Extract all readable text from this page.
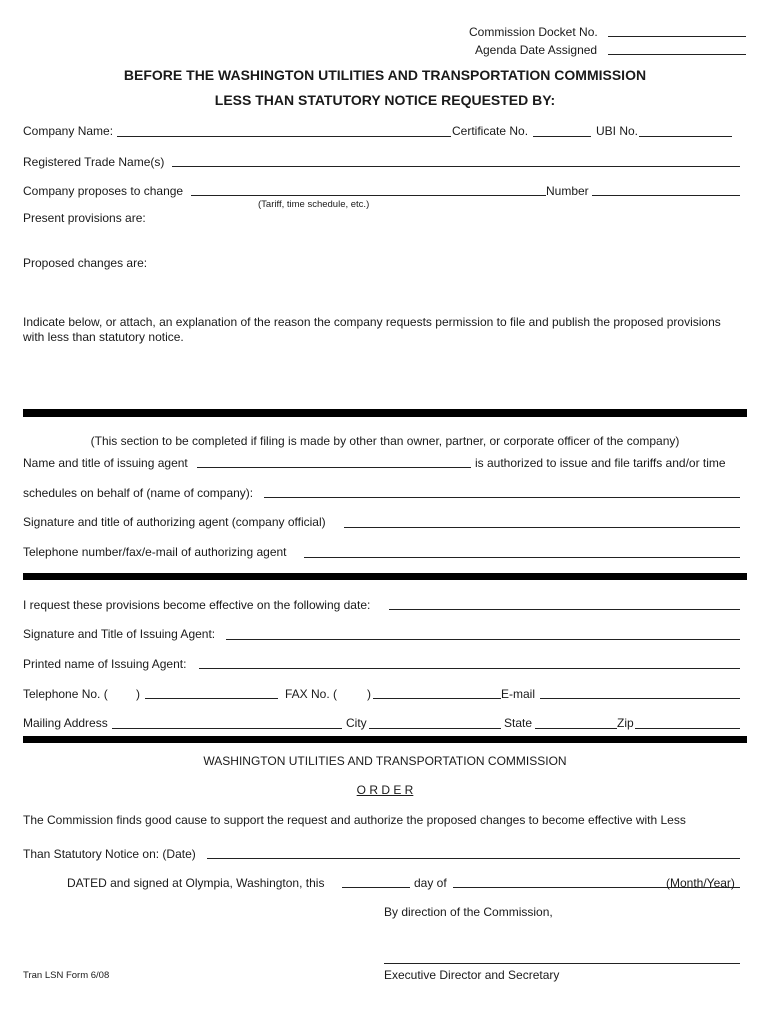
Commission Docket No.
Agenda Date Assigned
BEFORE THE WASHINGTON UTILITIES AND TRANSPORTATION COMMISSION
LESS THAN STATUTORY NOTICE REQUESTED BY:
Company Name:	Certificate No.	UBI No.
Registered Trade Name(s)
Company proposes to change	Number
(Tariff, time schedule, etc.)
Present provisions are:
Proposed changes are:
Indicate below, or attach, an explanation of the reason the company requests permission to file and publish the proposed provisions with less than statutory notice.
(This section to be completed if filing is made by other than owner, partner, or corporate officer of the company)
Name and title of issuing agent	is authorized to issue and file tariffs and/or time
schedules on behalf of (name of company):
Signature and title of authorizing agent (company official)
Telephone number/fax/e-mail of authorizing agent
I request these provisions become effective on the following date:
Signature and Title of Issuing Agent:
Printed name of Issuing Agent:
Telephone No. ( )	FAX No. ( )	E-mail
Mailing Address	City	State	Zip
WASHINGTON UTILITIES AND TRANSPORTATION COMMISSION
O R D E R
The Commission finds good cause to support the request and authorize the proposed changes to become effective with Less
Than Statutory Notice on: (Date)
DATED and signed at Olympia, Washington, this	day of	(Month/Year)
By direction of the Commission,
Executive Director and Secretary
Tran LSN Form 6/08
